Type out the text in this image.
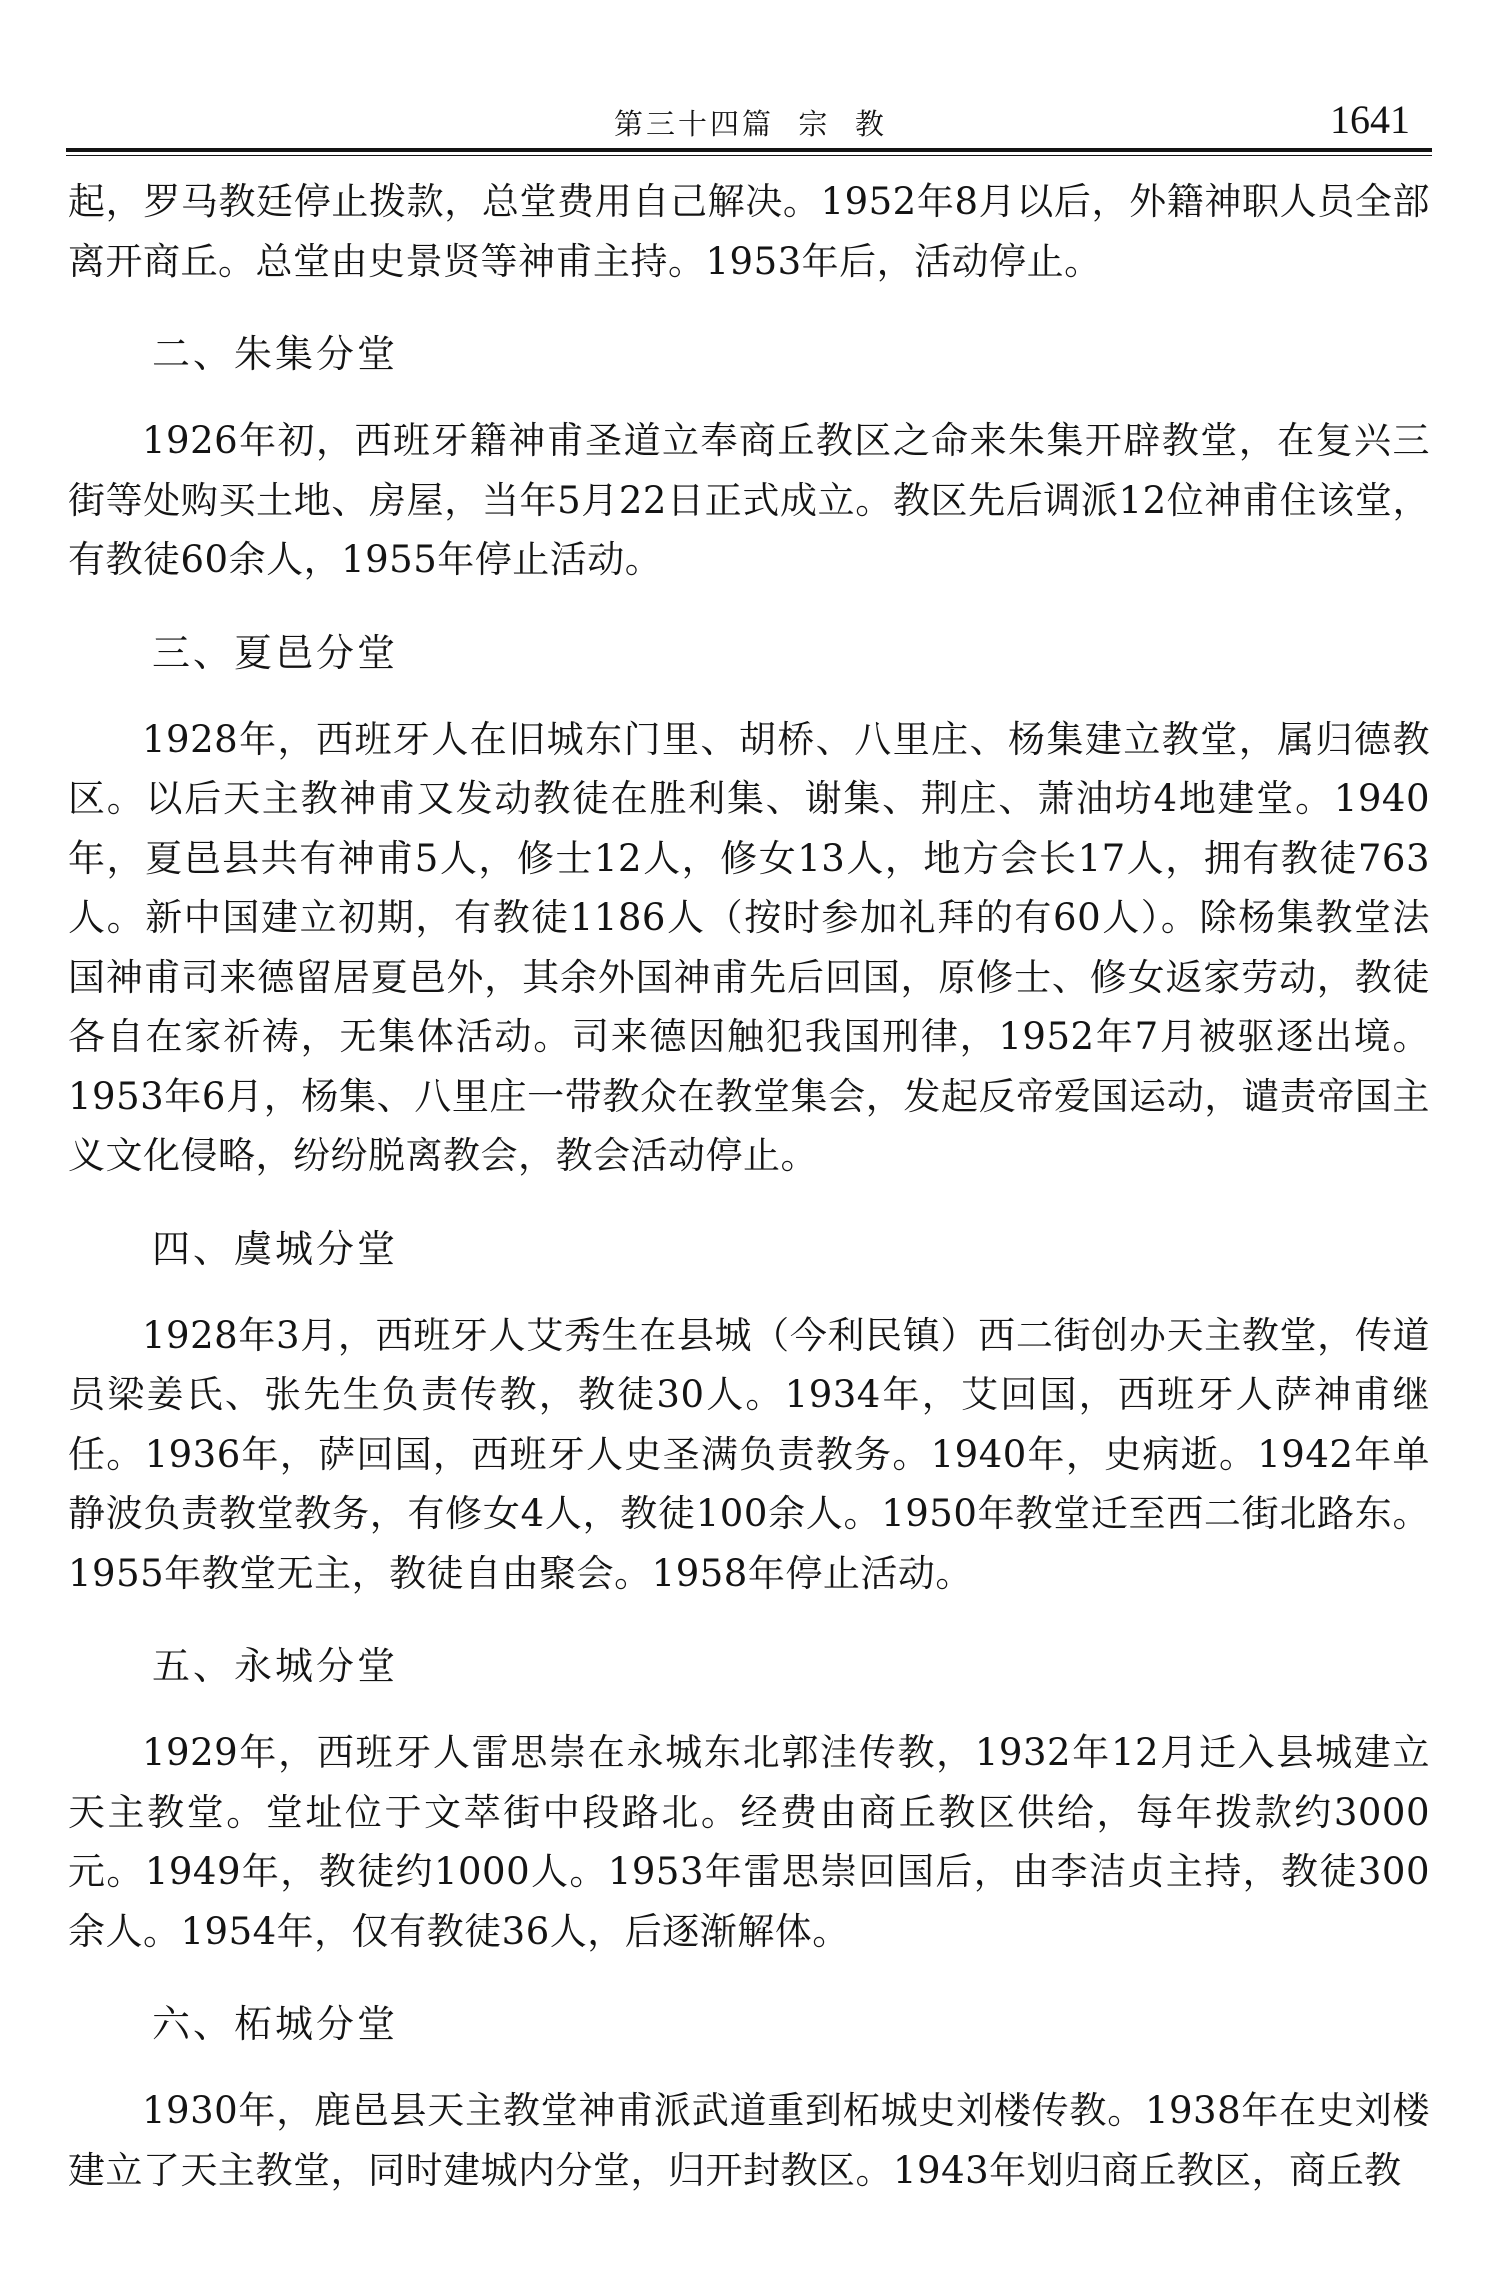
第三十四篇  宗  教	1641

起，罗马教廷停止拨款，总堂费用自己解决。1952年8月以后，外籍神职人员全部离开商丘。总堂由史景贤等神甫主持。1953年后，活动停止。

二、朱集分堂

1926年初，西班牙籍神甫圣道立奉商丘教区之命来朱集开辟教堂，在复兴三街等处购买土地、房屋，当年5月22日正式成立。教区先后调派12位神甫住该堂，有教徒60余人，1955年停止活动。

三、夏邑分堂

1928年，西班牙人在旧城东门里、胡桥、八里庄、杨集建立教堂，属归德教区。以后天主教神甫又发动教徒在胜利集、谢集、荆庄、萧油坊4地建堂。1940年，夏邑县共有神甫5人，修士12人，修女13人，地方会长17人，拥有教徒763人。新中国建立初期，有教徒1186人（按时参加礼拜的有60人）。除杨集教堂法国神甫司来德留居夏邑外，其余外国神甫先后回国，原修士、修女返家劳动，教徒各自在家祈祷，无集体活动。司来德因触犯我国刑律，1952年7月被驱逐出境。1953年6月，杨集、八里庄一带教众在教堂集会，发起反帝爱国运动，谴责帝国主义文化侵略，纷纷脱离教会，教会活动停止。

四、虞城分堂

1928年3月，西班牙人艾秀生在县城（今利民镇）西二街创办天主教堂，传道员梁姜氏、张先生负责传教，教徒30人。1934年，艾回国，西班牙人萨神甫继任。1936年，萨回国，西班牙人史圣满负责教务。1940年，史病逝。1942年单静波负责教堂教务，有修女4人，教徒100余人。1950年教堂迁至西二街北路东。1955年教堂无主，教徒自由聚会。1958年停止活动。

五、永城分堂

1929年，西班牙人雷思崇在永城东北郭洼传教，1932年12月迁入县城建立天主教堂。堂址位于文萃街中段路北。经费由商丘教区供给，每年拨款约3000元。1949年，教徒约1000人。1953年雷思崇回国后，由李洁贞主持，教徒300余人。1954年，仅有教徒36人，后逐渐解体。

六、柘城分堂

1930年，鹿邑县天主教堂神甫派武道重到柘城史刘楼传教。1938年在史刘楼建立了天主教堂，同时建城内分堂，归开封教区。1943年划归商丘教区，商丘教
